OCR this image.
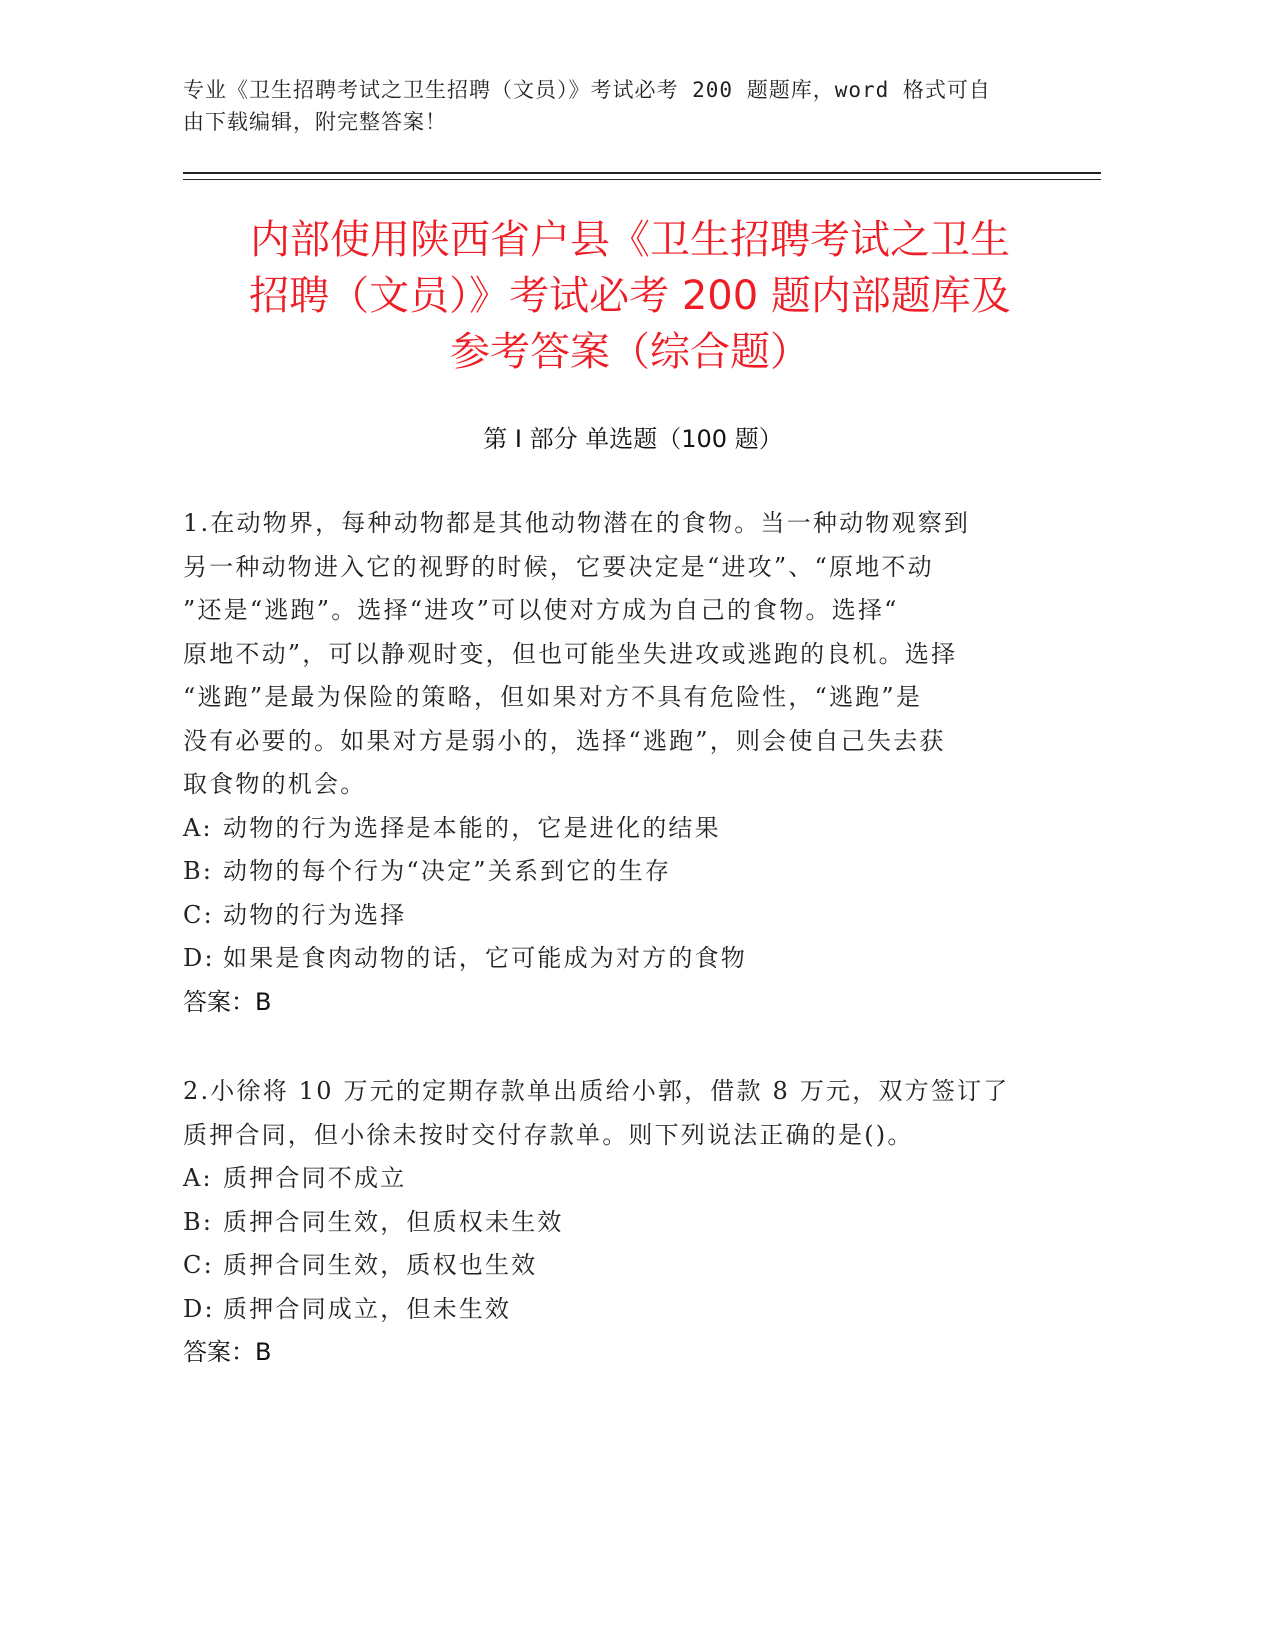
专业《卫生招聘考试之卫生招聘（文员）》考试必考 200 题题库，word 格式可自
由下载编辑，附完整答案！
内部使用陕西省户县《卫生招聘考试之卫生
招聘（文员）》考试必考 200 题内部题库及
参考答案（综合题）
第 I 部分 单选题（100 题）
1.在动物界，每种动物都是其他动物潜在的食物。当一种动物观察到
另一种动物进入它的视野的时候，它要决定是“进攻”、“原地不动
”还是“逃跑”。选择“进攻”可以使对方成为自己的食物。选择“
原地不动”，可以静观时变，但也可能坐失进攻或逃跑的良机。选择
“逃跑”是最为保险的策略，但如果对方不具有危险性，“逃跑”是
没有必要的。如果对方是弱小的，选择“逃跑”，则会使自己失去获
取食物的机会。
A: 动物的行为选择是本能的，它是进化的结果
B: 动物的每个行为“决定”关系到它的生存
C: 动物的行为选择
D: 如果是食肉动物的话，它可能成为对方的食物
答案：B
2.小徐将 10 万元的定期存款单出质给小郭，借款 8 万元，双方签订了
质押合同，但小徐未按时交付存款单。则下列说法正确的是()。
A: 质押合同不成立
B: 质押合同生效，但质权未生效
C: 质押合同生效，质权也生效
D: 质押合同成立，但未生效
答案：B
